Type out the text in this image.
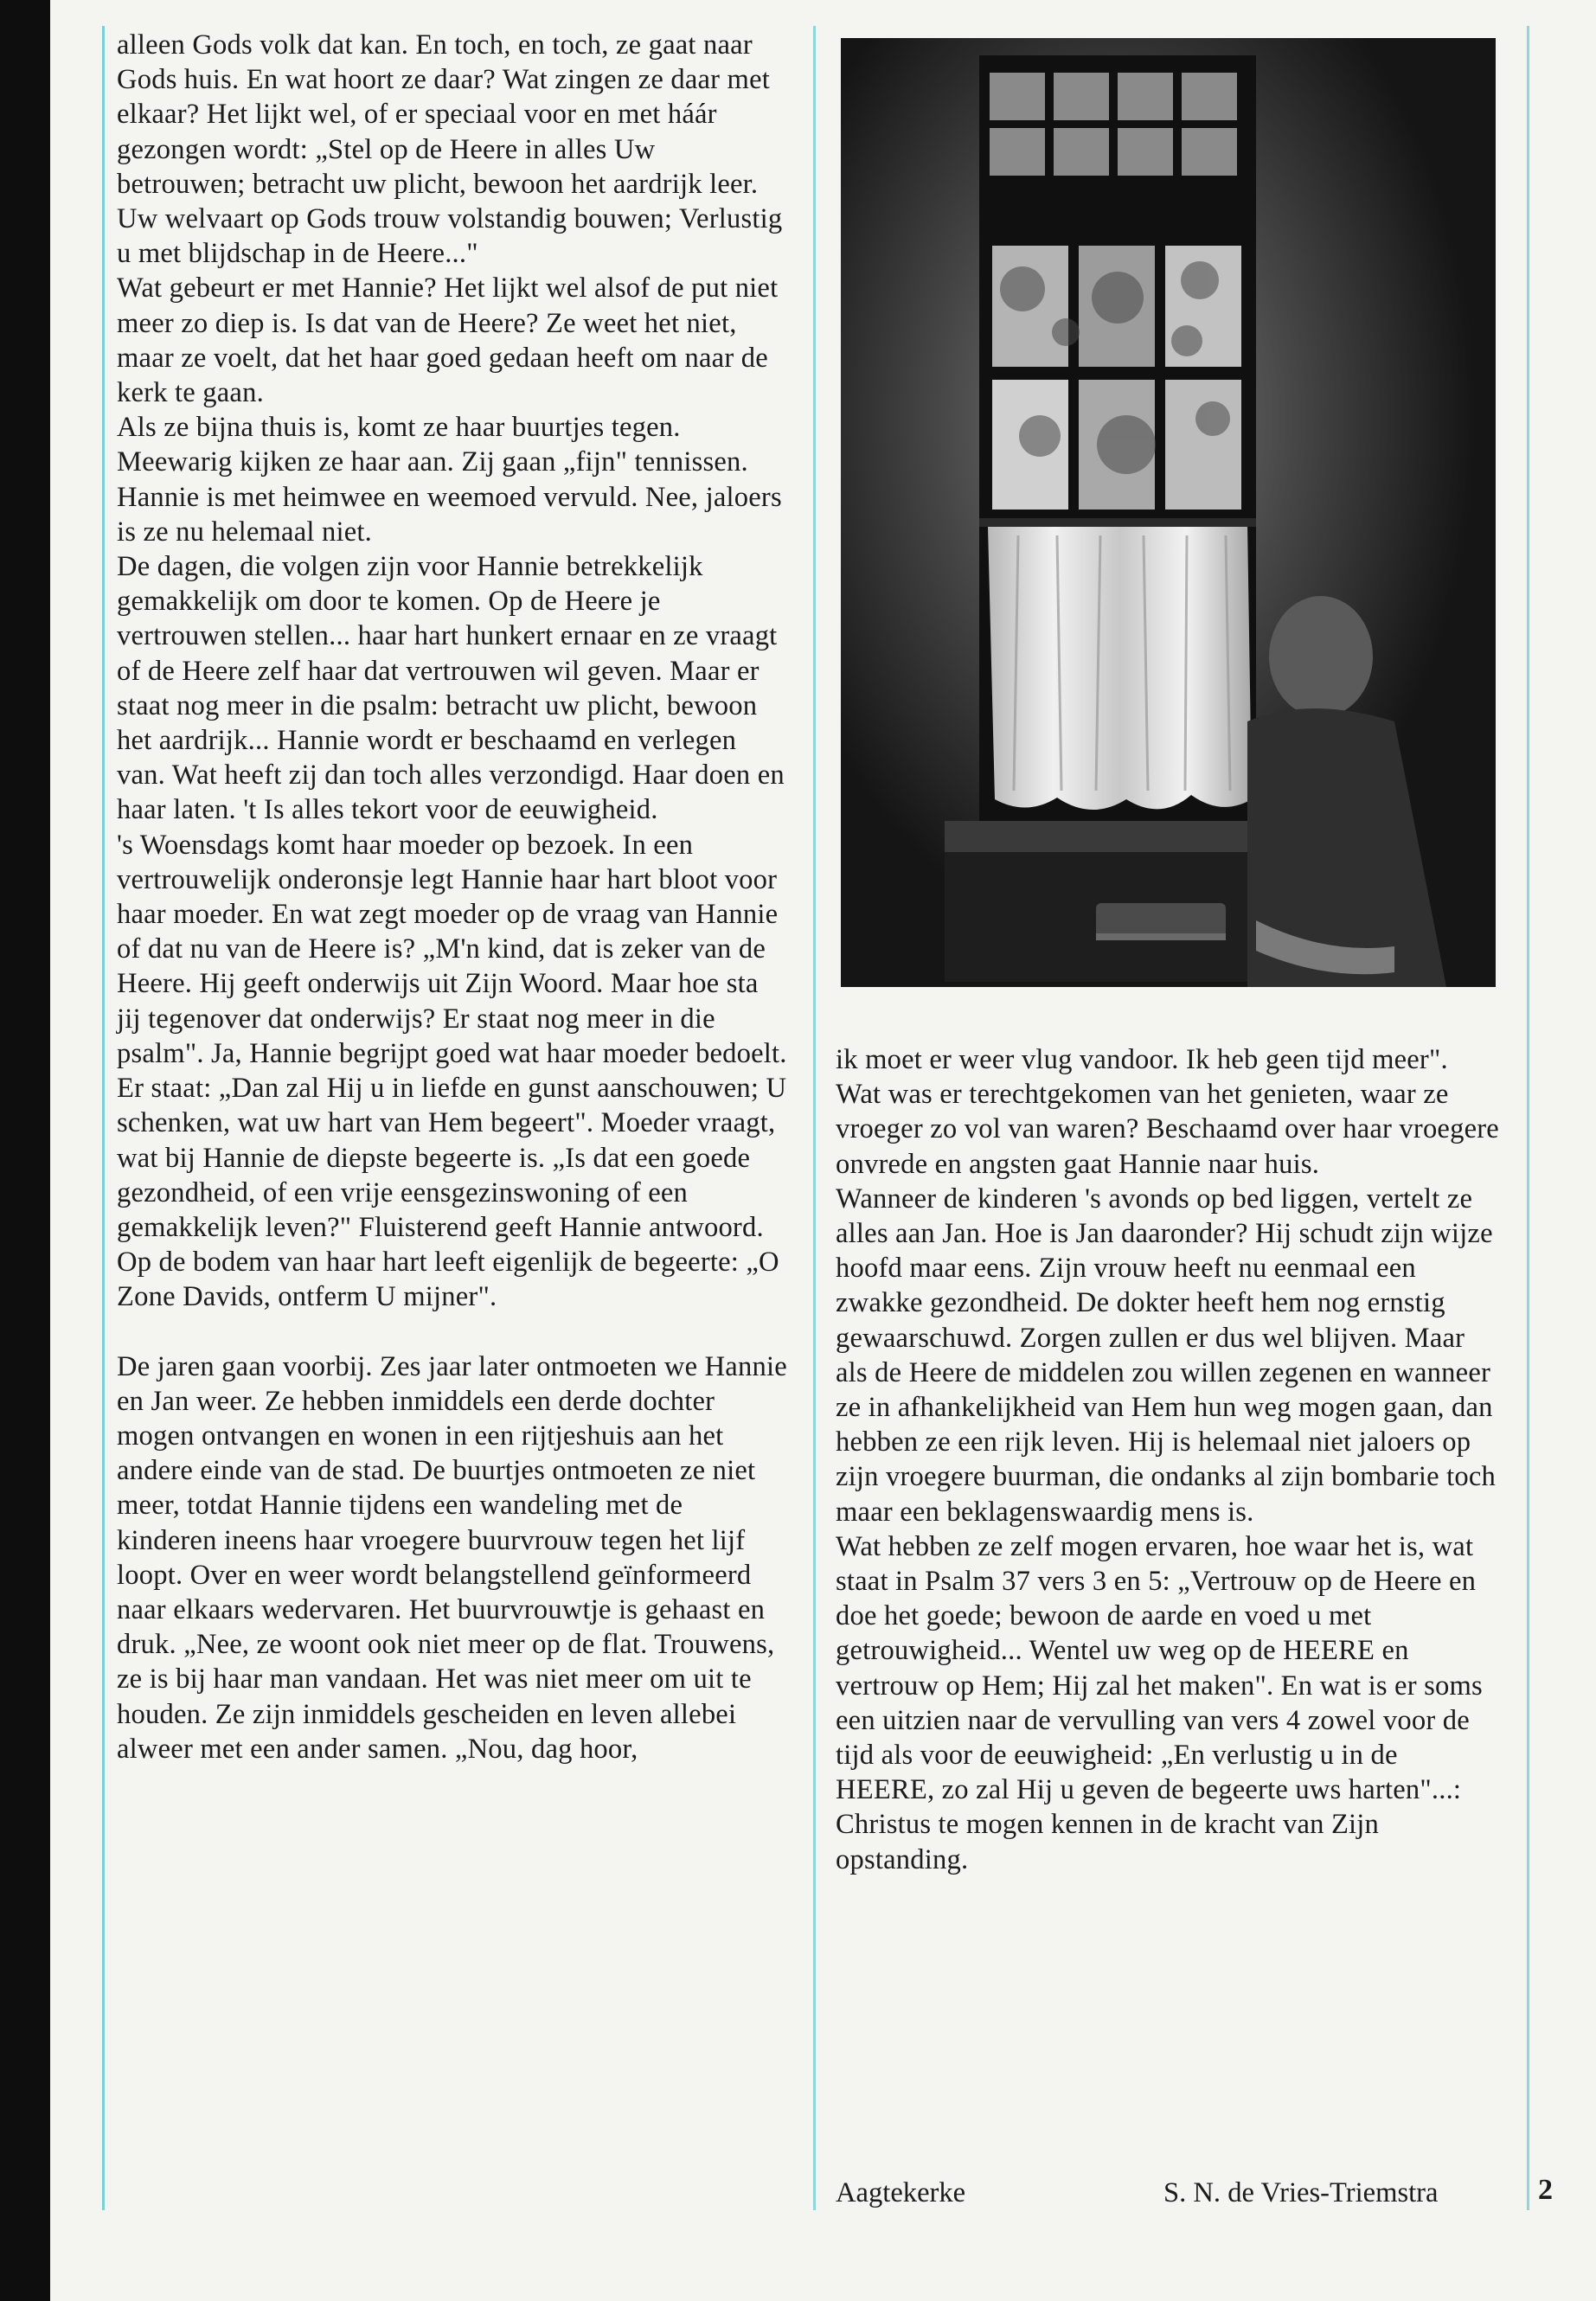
alleen Gods volk dat kan. En toch, en toch, ze gaat naar Gods huis. En wat hoort ze daar? Wat zingen ze daar met elkaar? Het lijkt wel, of er speciaal voor en met háár gezongen wordt: „Stel op de Heere in alles Uw betrouwen; betracht uw plicht, bewoon het aardrijk leer. Uw welvaart op Gods trouw volstandig bouwen; Verlustig u met blijdschap in de Heere..."

Wat gebeurt er met Hannie? Het lijkt wel alsof de put niet meer zo diep is. Is dat van de Heere? Ze weet het niet, maar ze voelt, dat het haar goed gedaan heeft om naar de kerk te gaan.

Als ze bijna thuis is, komt ze haar buurtjes tegen. Meewarig kijken ze haar aan. Zij gaan „fijn" tennissen. Hannie is met heimwee en weemoed vervuld. Nee, jaloers is ze nu helemaal niet.

De dagen, die volgen zijn voor Hannie betrekkelijk gemakkelijk om door te komen. Op de Heere je vertrouwen stellen... haar hart hunkert ernaar en ze vraagt of de Heere zelf haar dat vertrouwen wil geven. Maar er staat nog meer in die psalm: betracht uw plicht, bewoon het aardrijk... Hannie wordt er beschaamd en verlegen van. Wat heeft zij dan toch alles verzondigd. Haar doen en haar laten. 't Is alles tekort voor de eeuwigheid.

's Woensdags komt haar moeder op bezoek. In een vertrouwelijk onderonsje legt Hannie haar hart bloot voor haar moeder. En wat zegt moeder op de vraag van Hannie of dat nu van de Heere is? „M'n kind, dat is zeker van de Heere. Hij geeft onderwijs uit Zijn Woord. Maar hoe sta jij tegenover dat onderwijs? Er staat nog meer in die psalm". Ja, Hannie begrijpt goed wat haar moeder bedoelt. Er staat: „Dan zal Hij u in liefde en gunst aanschouwen; U schenken, wat uw hart van Hem begeert". Moeder vraagt, wat bij Hannie de diepste begeerte is. „Is dat een goede gezondheid, of een vrije eensgezinswoning of een gemakkelijk leven?" Fluisterend geeft Hannie antwoord. Op de bodem van haar hart leeft eigenlijk de begeerte: „O Zone Davids, ontferm U mijner".

De jaren gaan voorbij. Zes jaar later ontmoeten we Hannie en Jan weer. Ze hebben inmiddels een derde dochter mogen ontvangen en wonen in een rijtjeshuis aan het andere einde van de stad. De buurtjes ontmoeten ze niet meer, totdat Hannie tijdens een wandeling met de kinderen ineens haar vroegere buurvrouw tegen het lijf loopt. Over en weer wordt belangstellend geïnformeerd naar elkaars wedervaren. Het buurvrouwtje is gehaast en druk. „Nee, ze woont ook niet meer op de flat. Trouwens, ze is bij haar man vandaan. Het was niet meer om uit te houden. Ze zijn inmiddels gescheiden en leven allebei alweer met een ander samen. „Nou, dag hoor,

ik moet er weer vlug vandoor. Ik heb geen tijd meer".

Wat was er terechtgekomen van het genieten, waar ze vroeger zo vol van waren? Beschaamd over haar vroegere onvrede en angsten gaat Hannie naar huis.

Wanneer de kinderen 's avonds op bed liggen, vertelt ze alles aan Jan. Hoe is Jan daaronder? Hij schudt zijn wijze hoofd maar eens. Zijn vrouw heeft nu eenmaal een zwakke gezondheid. De dokter heeft hem nog ernstig gewaarschuwd. Zorgen zullen er dus wel blijven. Maar als de Heere de middelen zou willen zegenen en wanneer ze in afhankelijkheid van Hem hun weg mogen gaan, dan hebben ze een rijk leven. Hij is helemaal niet jaloers op zijn vroegere buurman, die ondanks al zijn bombarie toch maar een beklagenswaardig mens is.

Wat hebben ze zelf mogen ervaren, hoe waar het is, wat staat in Psalm 37 vers 3 en 5: „Vertrouw op de Heere en doe het goede; bewoon de aarde en voed u met getrouwigheid... Wentel uw weg op de HEERE en vertrouw op Hem; Hij zal het maken". En wat is er soms een uitzien naar de vervulling van vers 4 zowel voor de tijd als voor de eeuwigheid: „En verlustig u in de HEERE, zo zal Hij u geven de begeerte uws harten"...: Christus te mogen kennen in de kracht van Zijn opstanding.

Aagtekerke	S. N. de Vries-Triemstra	2
